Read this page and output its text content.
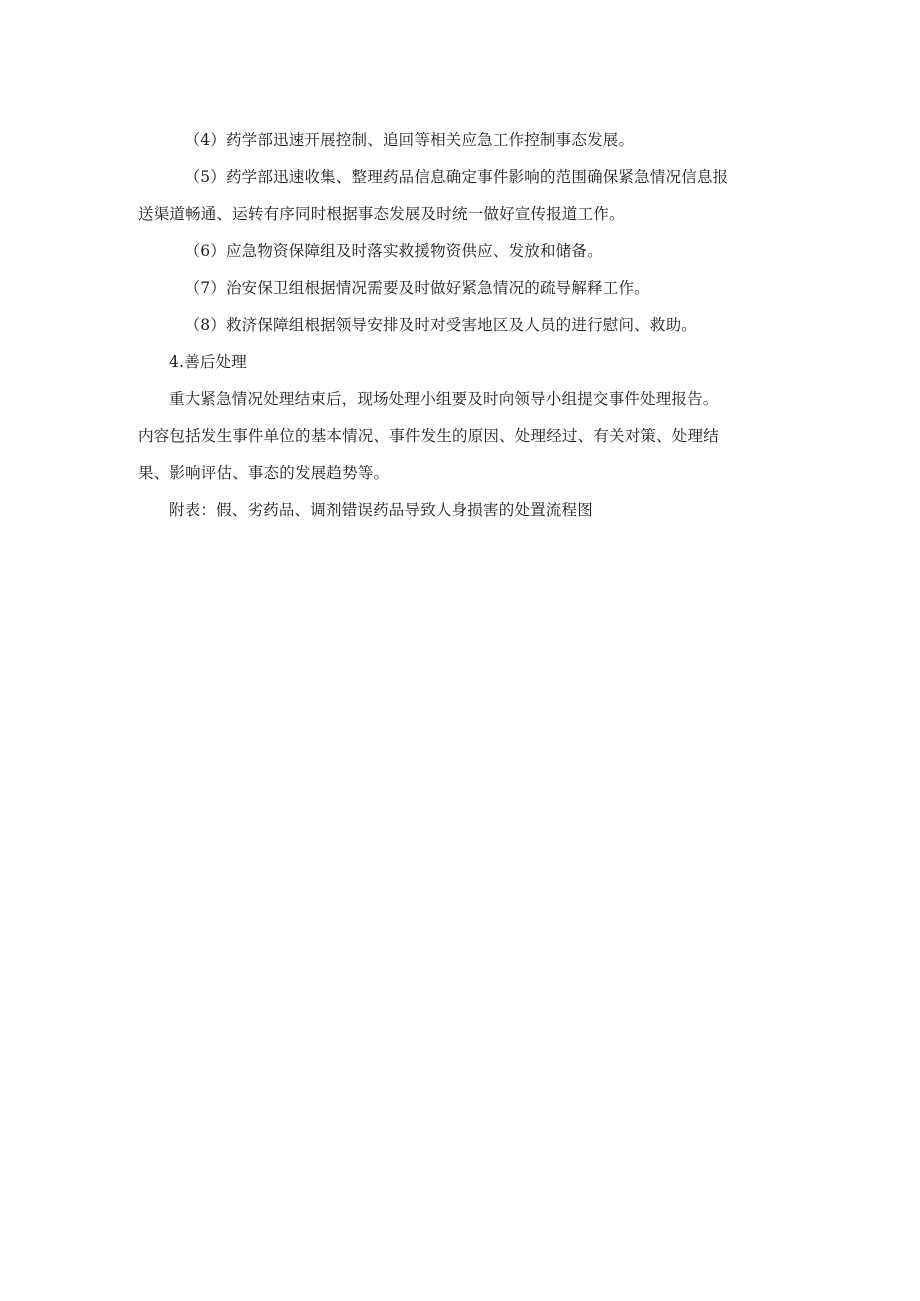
（4）药学部迅速开展控制、追回等相关应急工作控制事态发展。

（5）药学部迅速收集、整理药品信息确定事件影响的范围确保紧急情况信息报
送渠道畅通、运转有序同时根据事态发展及时统一做好宣传报道工作。

（6）应急物资保障组及时落实救援物资供应、发放和储备。

（7）治安保卫组根据情况需要及时做好紧急情况的疏导解释工作。

（8）救济保障组根据领导安排及时对受害地区及人员的进行慰问、救助。

4.善后处理

重大紧急情况处理结束后，现场处理小组要及时向领导小组提交事件处理报告。
内容包括发生事件单位的基本情况、事件发生的原因、处理经过、有关对策、处理结
果、影响评估、事态的发展趋势等。

附表：假、劣药品、调剂错误药品导致人身损害的处置流程图
